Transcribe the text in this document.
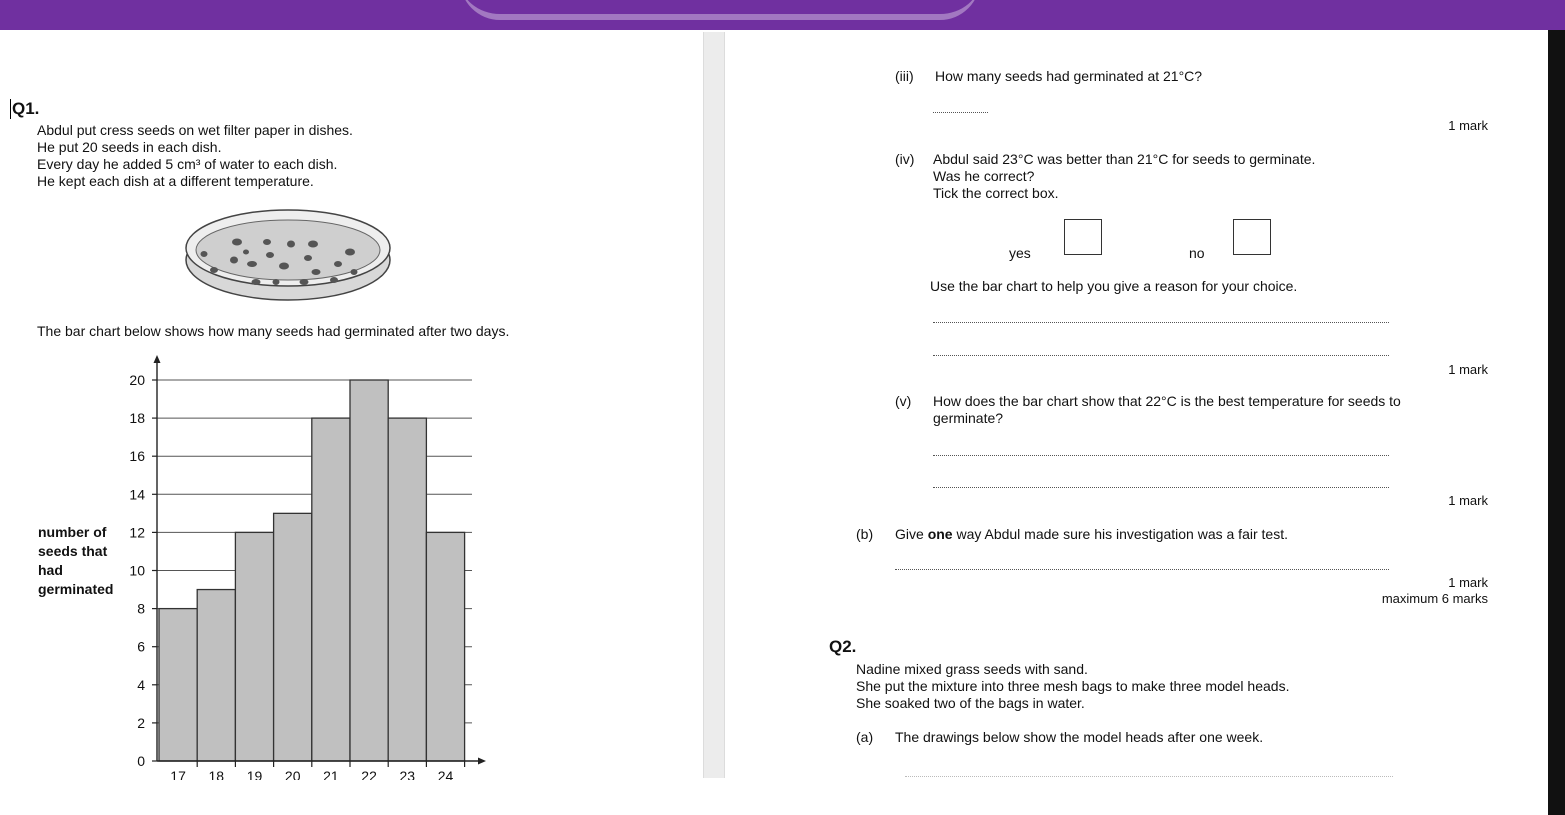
Q1.
Abdul put cress seeds on wet filter paper in dishes.
He put 20 seeds in each dish.
Every day he added 5 cm³ of water to each dish.
He kept each dish at a different temperature.
The bar chart below shows how many seeds had germinated after two days.
number of
seeds that
had
germinated
0
2
4
6
8
10
12
14
16
18
20
17 18 19 20 21 22 23 24
(iii) How many seeds had germinated at 21°C?
1 mark
(iv) Abdul said 23°C was better than 21°C for seeds to germinate.
Was he correct?
Tick the correct box.
yes	no
Use the bar chart to help you give a reason for your choice.
1 mark
(v) How does the bar chart show that 22°C is the best temperature for seeds to
germinate?
1 mark
(b) Give one way Abdul made sure his investigation was a fair test.
1 mark
maximum 6 marks
Q2.
Nadine mixed grass seeds with sand.
She put the mixture into three mesh bags to make three model heads.
She soaked two of the bags in water.
(a) The drawings below show the model heads after one week.
